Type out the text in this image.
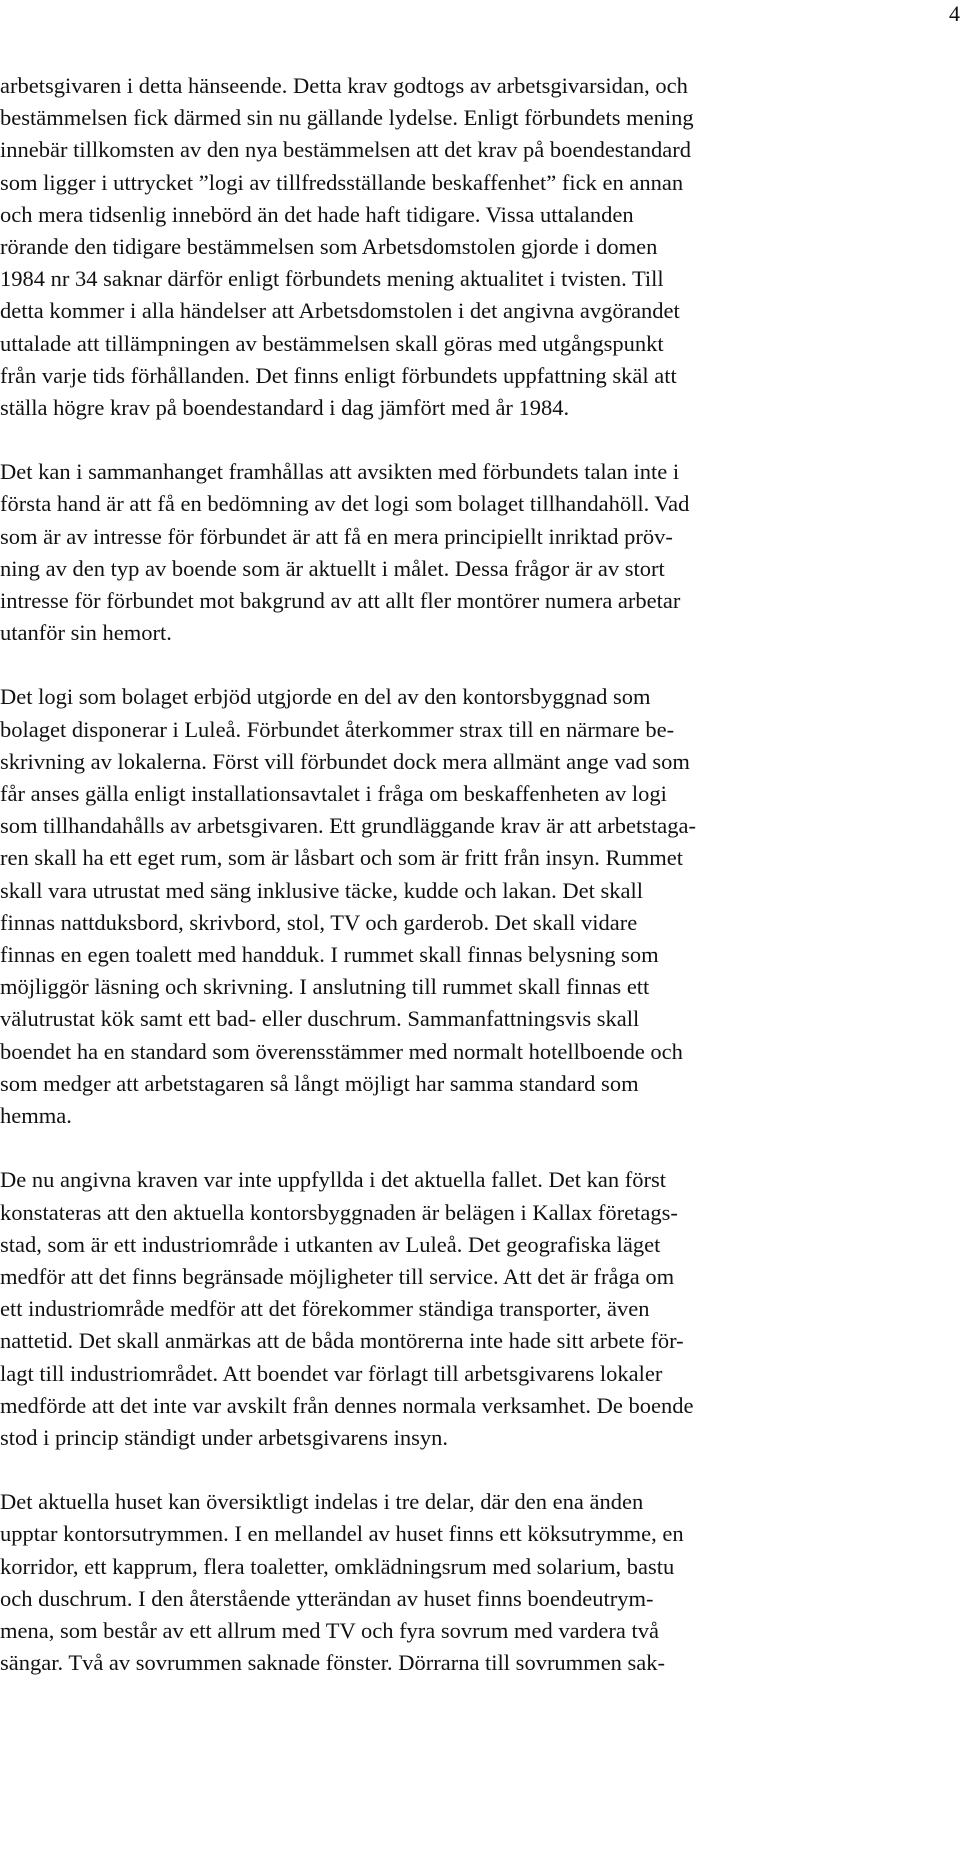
4

arbetsgivaren i detta hänseende. Detta krav godtogs av arbetsgivarsidan, och
bestämmelsen fick därmed sin nu gällande lydelse. Enligt förbundets mening
innebär tillkomsten av den nya bestämmelsen att det krav på boendestandard
som ligger i uttrycket ”logi av tillfredsställande beskaffenhet” fick en annan
och mera tidsenlig innebörd än det hade haft tidigare. Vissa uttalanden
rörande den tidigare bestämmelsen som Arbetsdomstolen gjorde i domen
1984 nr 34 saknar därför enligt förbundets mening aktualitet i tvisten. Till
detta kommer i alla händelser att Arbetsdomstolen i det angivna avgörandet
uttalade att tillämpningen av bestämmelsen skall göras med utgångspunkt
från varje tids förhållanden. Det finns enligt förbundets uppfattning skäl att
ställa högre krav på boendestandard i dag jämfört med år 1984.

Det kan i sammanhanget framhållas att avsikten med förbundets talan inte i
första hand är att få en bedömning av det logi som bolaget tillhandahöll. Vad
som är av intresse för förbundet är att få en mera principiellt inriktad pröv-
ning av den typ av boende som är aktuellt i målet. Dessa frågor är av stort
intresse för förbundet mot bakgrund av att allt fler montörer numera arbetar
utanför sin hemort.

Det logi som bolaget erbjöd utgjorde en del av den kontorsbyggnad som
bolaget disponerar i Luleå. Förbundet återkommer strax till en närmare be-
skrivning av lokalerna. Först vill förbundet dock mera allmänt ange vad som
får anses gälla enligt installationsavtalet i fråga om beskaffenheten av logi
som tillhandahålls av arbetsgivaren. Ett grundläggande krav är att arbetstaga-
ren skall ha ett eget rum, som är låsbart och som är fritt från insyn. Rummet
skall vara utrustat med säng inklusive täcke, kudde och lakan. Det skall
finnas nattduksbord, skrivbord, stol, TV och garderob. Det skall vidare
finnas en egen toalett med handduk. I rummet skall finnas belysning som
möjliggör läsning och skrivning. I anslutning till rummet skall finnas ett
välutrustat kök samt ett bad- eller duschrum. Sammanfattningsvis skall
boendet ha en standard som överensstämmer med normalt hotellboende och
som medger att arbetstagaren så långt möjligt har samma standard som
hemma.

De nu angivna kraven var inte uppfyllda i det aktuella fallet. Det kan först
konstateras att den aktuella kontorsbyggnaden är belägen i Kallax företags-
stad, som är ett industriområde i utkanten av Luleå. Det geografiska läget
medför att det finns begränsade möjligheter till service. Att det är fråga om
ett industriområde medför att det förekommer ständiga transporter, även
nattetid. Det skall anmärkas att de båda montörerna inte hade sitt arbete för-
lagt till industriområdet. Att boendet var förlagt till arbetsgivarens lokaler
medförde att det inte var avskilt från dennes normala verksamhet. De boende
stod i princip ständigt under arbetsgivarens insyn.

Det aktuella huset kan översiktligt indelas i tre delar, där den ena änden
upptar kontorsutrymmen. I en mellandel av huset finns ett köksutrymme, en
korridor, ett kapprum, flera toaletter, omklädningsrum med solarium, bastu
och duschrum. I den återstående ytterändan av huset finns boendeutrym-
mena, som består av ett allrum med TV och fyra sovrum med vardera två
sängar. Två av sovrummen saknade fönster. Dörrarna till sovrummen sak-
